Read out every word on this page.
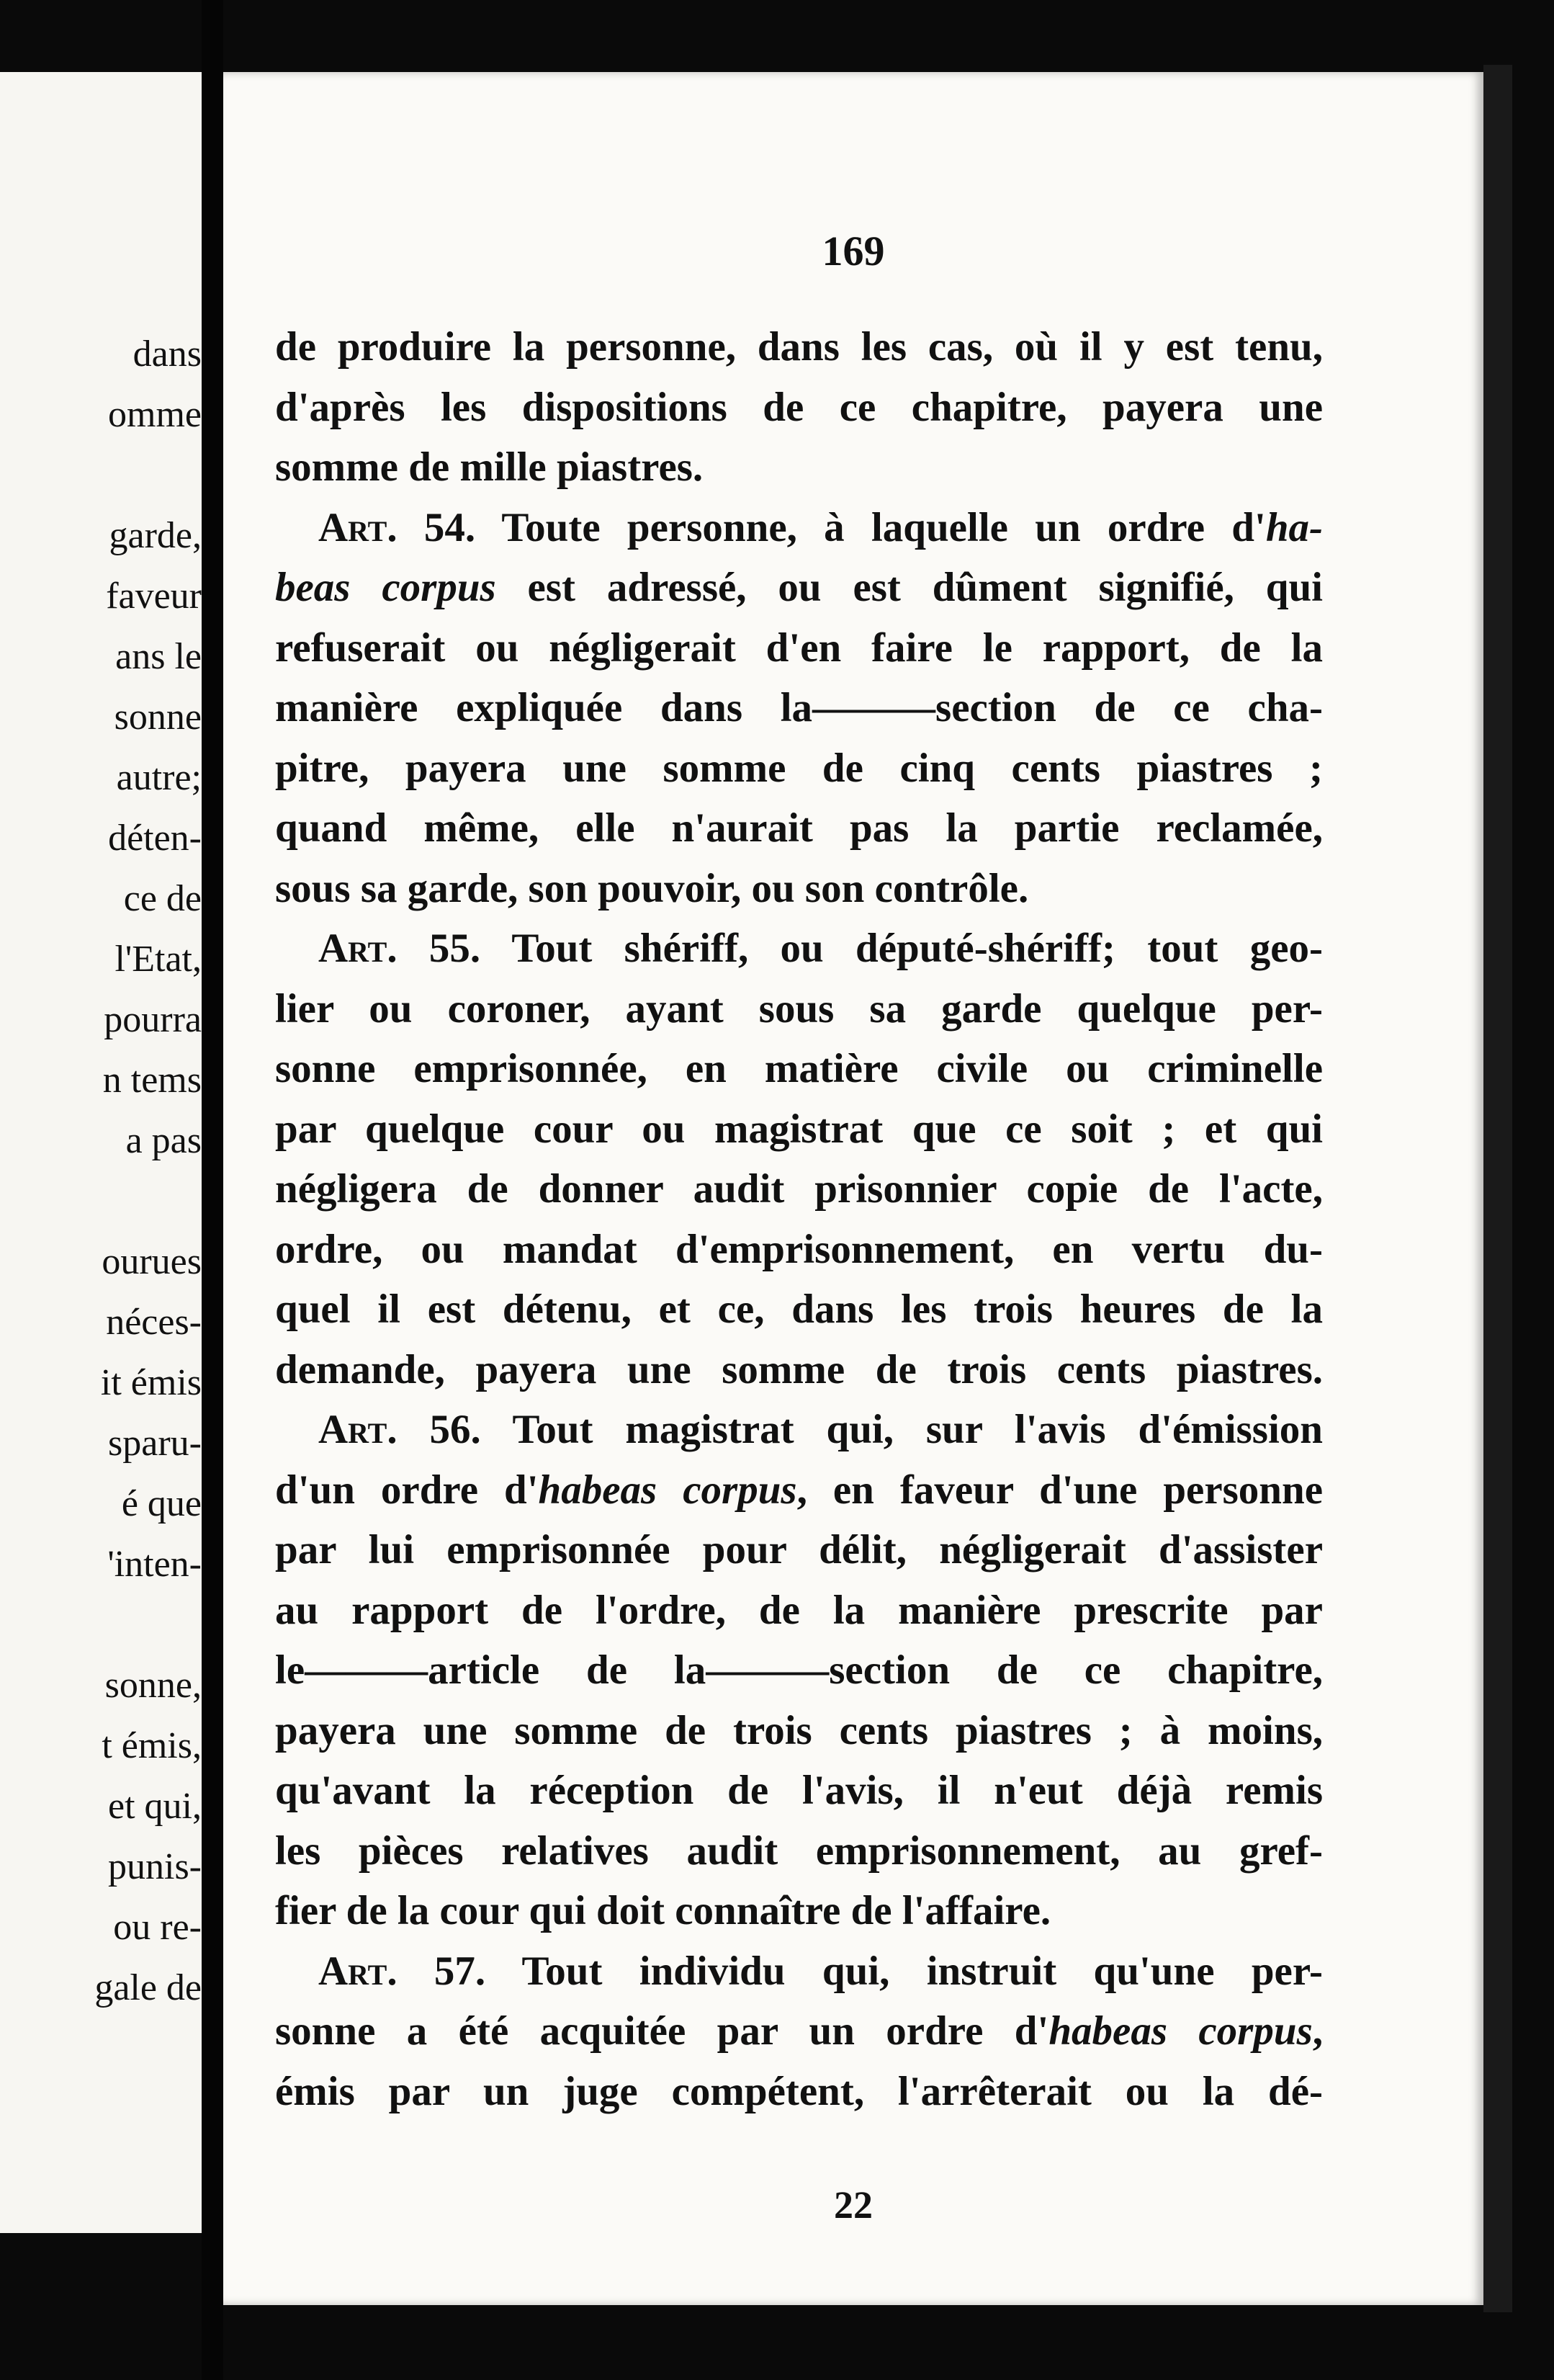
dans
omme
garde,
faveur
ans le
sonne
autre;
déten-
ce de
l'Etat,
pourra
n tems
a pas
ourues
néces-
it émis
sparu-
é que
'inten-
sonne,
t émis,
et qui,
punis-
ou re-
gale de
169
de produire la personne, dans les cas, où il y est tenu,
d'après les dispositions de ce chapitre, payera une
somme de mille piastres.
Art. 54. Toute personne, à laquelle un ordre d'ha-
beas corpus est adressé, ou est dûment signifié, qui
refuserait ou négligerait d'en faire le rapport, de la
manière expliquée dans la———section de ce cha-
pitre, payera une somme de cinq cents piastres ;
quand même, elle n'aurait pas la partie reclamée,
sous sa garde, son pouvoir, ou son contrôle.
Art. 55. Tout shériff, ou député-shériff; tout geo-
lier ou coroner, ayant sous sa garde quelque per-
sonne emprisonnée, en matière civile ou criminelle
par quelque cour ou magistrat que ce soit ; et qui
négligera de donner audit prisonnier copie de l'acte,
ordre, ou mandat d'emprisonnement, en vertu du-
quel il est détenu, et ce, dans les trois heures de la
demande, payera une somme de trois cents piastres.
Art. 56. Tout magistrat qui, sur l'avis d'émission
d'un ordre d'habeas corpus, en faveur d'une personne
par lui emprisonnée pour délit, négligerait d'assister
au rapport de l'ordre, de la manière prescrite par
le———article de la———section de ce chapitre,
payera une somme de trois cents piastres ; à moins,
qu'avant la réception de l'avis, il n'eut déjà remis
les pièces relatives audit emprisonnement, au gref-
fier de la cour qui doit connaître de l'affaire.
Art. 57. Tout individu qui, instruit qu'une per-
sonne a été acquitée par un ordre d'habeas corpus,
émis par un juge compétent, l'arrêterait ou la dé-
22
